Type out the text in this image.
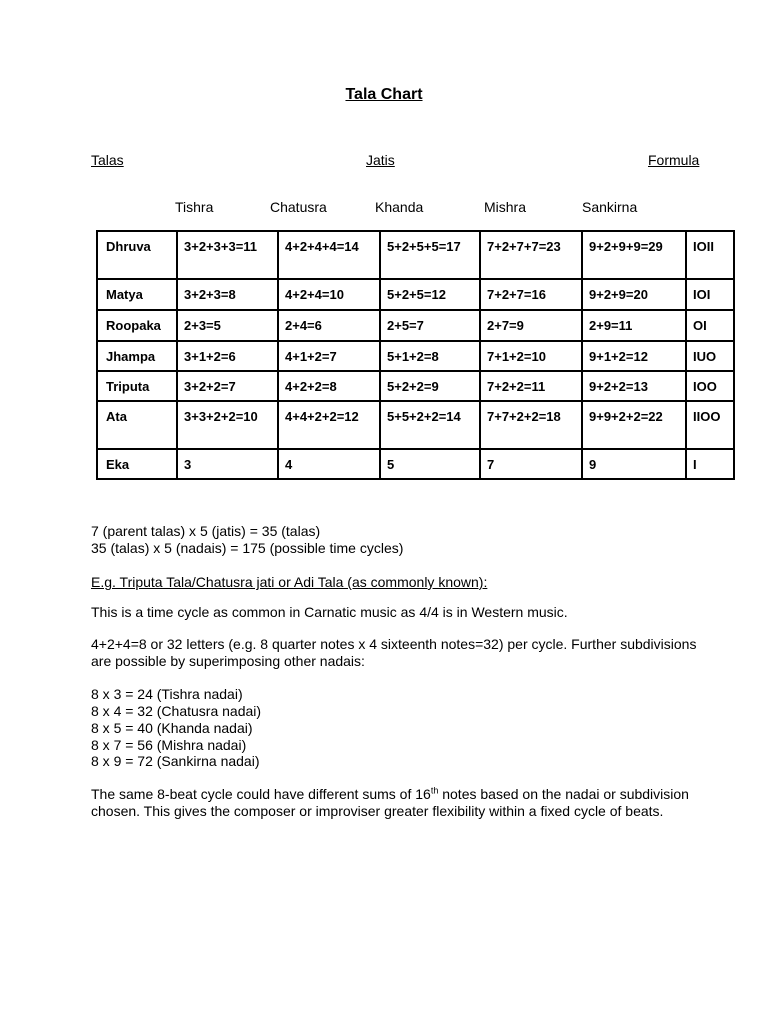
Tala Chart
Talas	Jatis	Formula
Tishra	Chatusra	Khanda	Mishra	Sankirna
Dhruva	3+2+3+3=11	4+2+4+4=14	5+2+5+5=17	7+2+7+7=23	9+2+9+9=29	IOII
Matya	3+2+3=8	4+2+4=10	5+2+5=12	7+2+7=16	9+2+9=20	IOI
Roopaka	2+3=5	2+4=6	2+5=7	2+7=9	2+9=11	OI
Jhampa	3+1+2=6	4+1+2=7	5+1+2=8	7+1+2=10	9+1+2=12	IUO
Triputa	3+2+2=7	4+2+2=8	5+2+2=9	7+2+2=11	9+2+2=13	IOO
Ata	3+3+2+2=10	4+4+2+2=12	5+5+2+2=14	7+7+2+2=18	9+9+2+2=22	IIOO
Eka	3	4	5	7	9	I

7 (parent talas) x 5 (jatis) = 35 (talas)

35 (talas) x 5 (nadais) = 175 (possible time cycles)

E.g. Triputa Tala/Chatusra jati or Adi Tala (as commonly known):

This is a time cycle as common in Carnatic music as 4/4 is in Western music.

4+2+4=8 or 32 letters (e.g. 8 quarter notes x 4 sixteenth notes=32) per cycle. Further subdivisions are possible by superimposing other nadais:

8 x 3 = 24 (Tishra nadai)

8 x 4 = 32 (Chatusra nadai)

8 x 5 = 40 (Khanda nadai)

8 x 7 = 56 (Mishra nadai)

8 x 9 = 72 (Sankirna nadai)

The same 8-beat cycle could have different sums of 16th notes based on the nadai or subdivision chosen. This gives the composer or improviser greater flexibility within a fixed cycle of beats.
